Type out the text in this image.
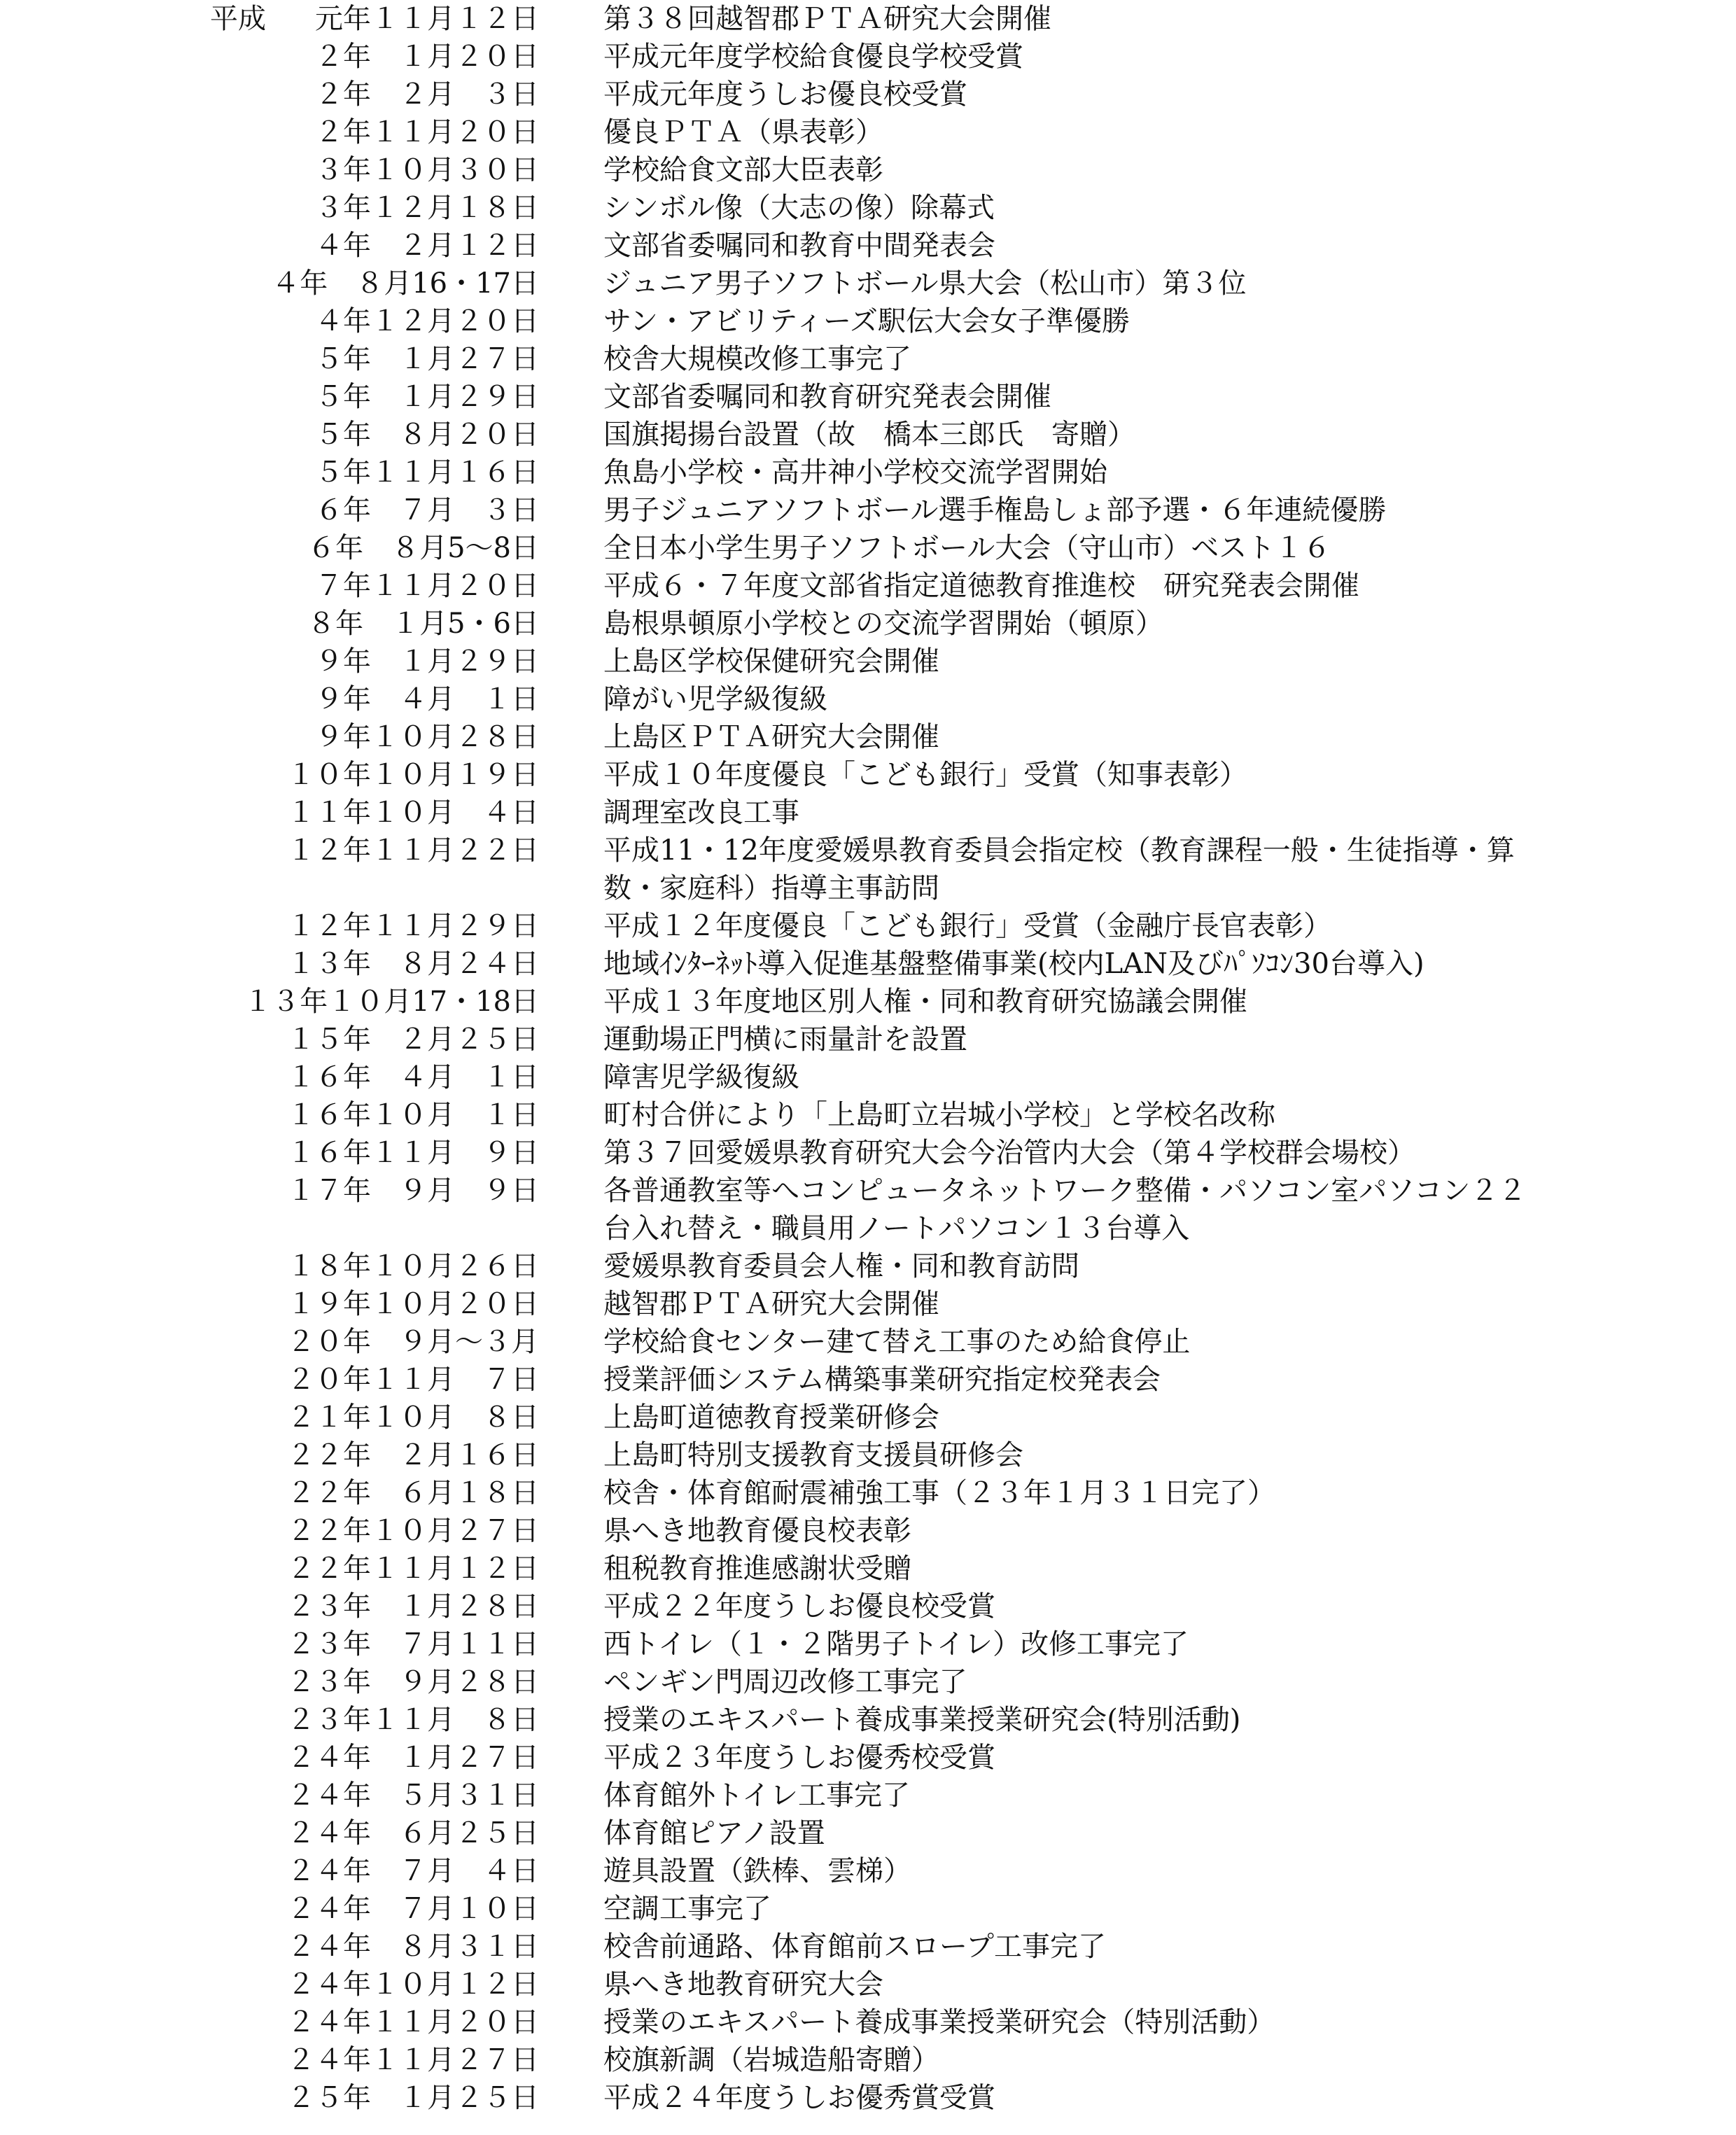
平成 元年１１月１２日 第３８回越智郡ＰＴＡ研究大会開催
２年　１月２０日 平成元年度学校給食優良学校受賞
２年　２月　３日 平成元年度うしお優良校受賞
２年１１月２０日 優良ＰＴＡ（県表彰）
３年１０月３０日 学校給食文部大臣表彰
３年１２月１８日 シンボル像（大志の像）除幕式
４年　２月１２日 文部省委嘱同和教育中間発表会
４年　８月16・17日 ジュニア男子ソフトボール県大会（松山市）第３位
４年１２月２０日 サン・アビリティーズ駅伝大会女子準優勝
５年　１月２７日 校舎大規模改修工事完了
５年　１月２９日 文部省委嘱同和教育研究発表会開催
５年　８月２０日 国旗掲揚台設置（故　橋本三郎氏　寄贈）
５年１１月１６日 魚島小学校・高井神小学校交流学習開始
６年　７月　３日 男子ジュニアソフトボール選手権島しょ部予選・６年連続優勝
６年　８月5～8日 全日本小学生男子ソフトボール大会（守山市）ベスト１６
７年１１月２０日 平成６・７年度文部省指定道徳教育推進校　研究発表会開催
８年　１月5・6日 島根県頓原小学校との交流学習開始（頓原）
９年　１月２９日 上島区学校保健研究会開催
９年　４月　１日 障がい児学級復級
９年１０月２８日 上島区ＰＴＡ研究大会開催
１０年１０月１９日 平成１０年度優良「こども銀行」受賞（知事表彰）
１１年１０月　４日 調理室改良工事
１２年１１月２２日 平成11・12年度愛媛県教育委員会指定校（教育課程一般・生徒指導・算数・家庭科）指導主事訪問
１２年１１月２９日 平成１２年度優良「こども銀行」受賞（金融庁長官表彰）
１３年　８月２４日 地域ｲﾝﾀｰﾈｯﾄ導入促進基盤整備事業(校内LAN及びﾊﾟｿｺﾝ30台導入)
１３年１０月17・18日 平成１３年度地区別人権・同和教育研究協議会開催
１５年　２月２５日 運動場正門横に雨量計を設置
１６年　４月　１日 障害児学級復級
１６年１０月　１日 町村合併により「上島町立岩城小学校」と学校名改称
１６年１１月　９日 第３７回愛媛県教育研究大会今治管内大会（第４学校群会場校）
１７年　９月　９日 各普通教室等へコンピュータネットワーク整備・パソコン室パソコン２２台入れ替え・職員用ノートパソコン１３台導入
１８年１０月２６日 愛媛県教育委員会人権・同和教育訪問
１９年１０月２０日 越智郡ＰＴＡ研究大会開催
２０年　９月～３月 学校給食センター建て替え工事のため給食停止
２０年１１月　７日 授業評価システム構築事業研究指定校発表会
２１年１０月　８日 上島町道徳教育授業研修会
２２年　２月１６日 上島町特別支援教育支援員研修会
２２年　６月１８日 校舎・体育館耐震補強工事（２３年１月３１日完了）
２２年１０月２７日 県へき地教育優良校表彰
２２年１１月１２日 租税教育推進感謝状受贈
２３年　１月２８日 平成２２年度うしお優良校受賞
２３年　７月１１日 西トイレ（１・２階男子トイレ）改修工事完了
２３年　９月２８日 ペンギン門周辺改修工事完了
２３年１１月　８日 授業のエキスパート養成事業授業研究会(特別活動)
２４年　１月２７日 平成２３年度うしお優秀校受賞
２４年　５月３１日 体育館外トイレ工事完了
２４年　６月２５日 体育館ピアノ設置
２４年　７月　４日 遊具設置（鉄棒、雲梯）
２４年　７月１０日 空調工事完了
２４年　８月３１日 校舎前通路、体育館前スロープ工事完了
２４年１０月１２日 県へき地教育研究大会
２４年１１月２０日 授業のエキスパート養成事業授業研究会（特別活動）
２４年１１月２７日 校旗新調（岩城造船寄贈）
２５年　１月２５日 平成２４年度うしお優秀賞受賞
